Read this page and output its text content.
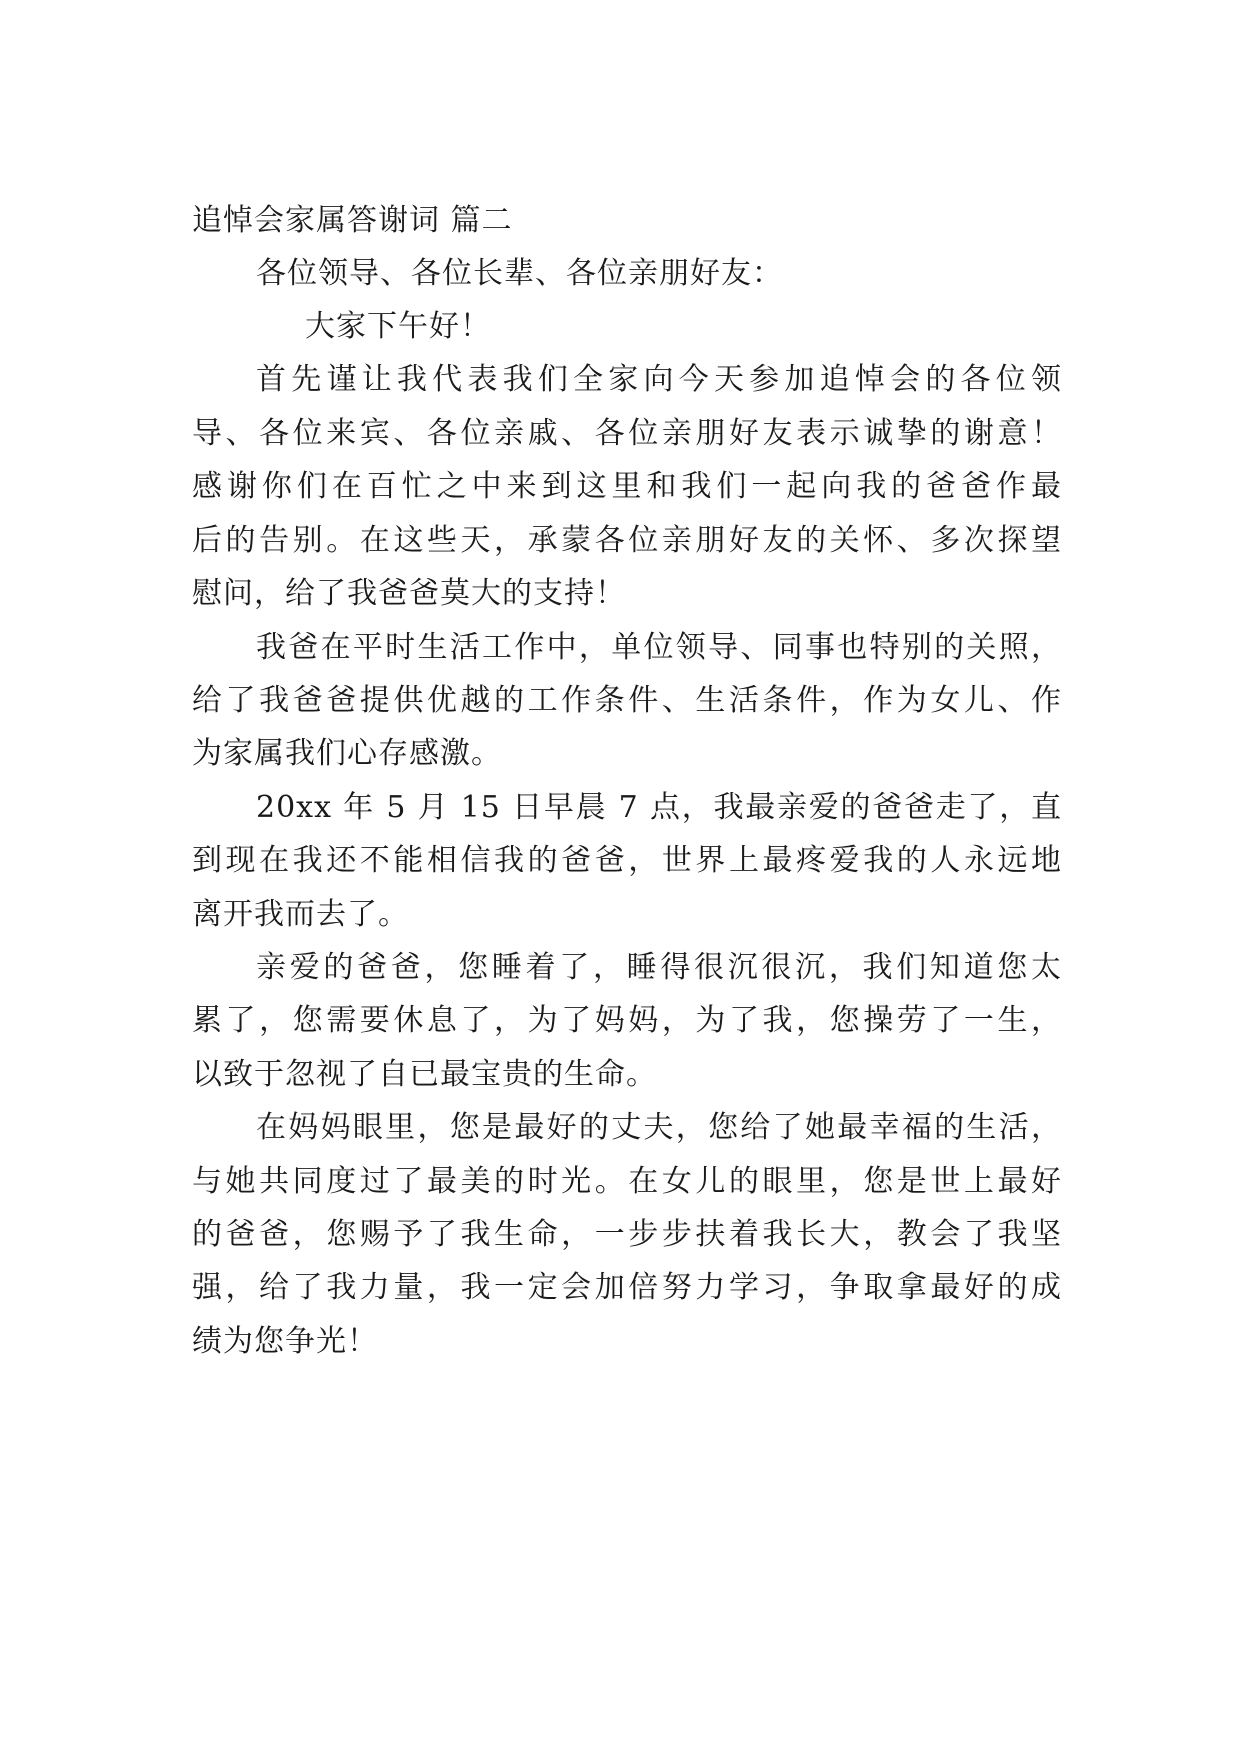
追悼会家属答谢词 篇二
各位领导、各位长辈、各位亲朋好友：
大家下午好！
首先谨让我代表我们全家向今天参加追悼会的各位领
导、各位来宾、各位亲戚、各位亲朋好友表示诚挚的谢意！
感谢你们在百忙之中来到这里和我们一起向我的爸爸作最
后的告别。在这些天，承蒙各位亲朋好友的关怀、多次探望
慰问，给了我爸爸莫大的支持！
我爸在平时生活工作中，单位领导、同事也特别的关照，
给了我爸爸提供优越的工作条件、生活条件，作为女儿、作
为家属我们心存感激。
20xx 年 5 月 15 日早晨 7 点，我最亲爱的爸爸走了，直
到现在我还不能相信我的爸爸，世界上最疼爱我的人永远地
离开我而去了。
亲爱的爸爸，您睡着了，睡得很沉很沉，我们知道您太
累了，您需要休息了，为了妈妈，为了我，您操劳了一生，
以致于忽视了自已最宝贵的生命。
在妈妈眼里，您是最好的丈夫，您给了她最幸福的生活，
与她共同度过了最美的时光。在女儿的眼里，您是世上最好
的爸爸，您赐予了我生命，一步步扶着我长大，教会了我坚
强，给了我力量，我一定会加倍努力学习，争取拿最好的成
绩为您争光！
